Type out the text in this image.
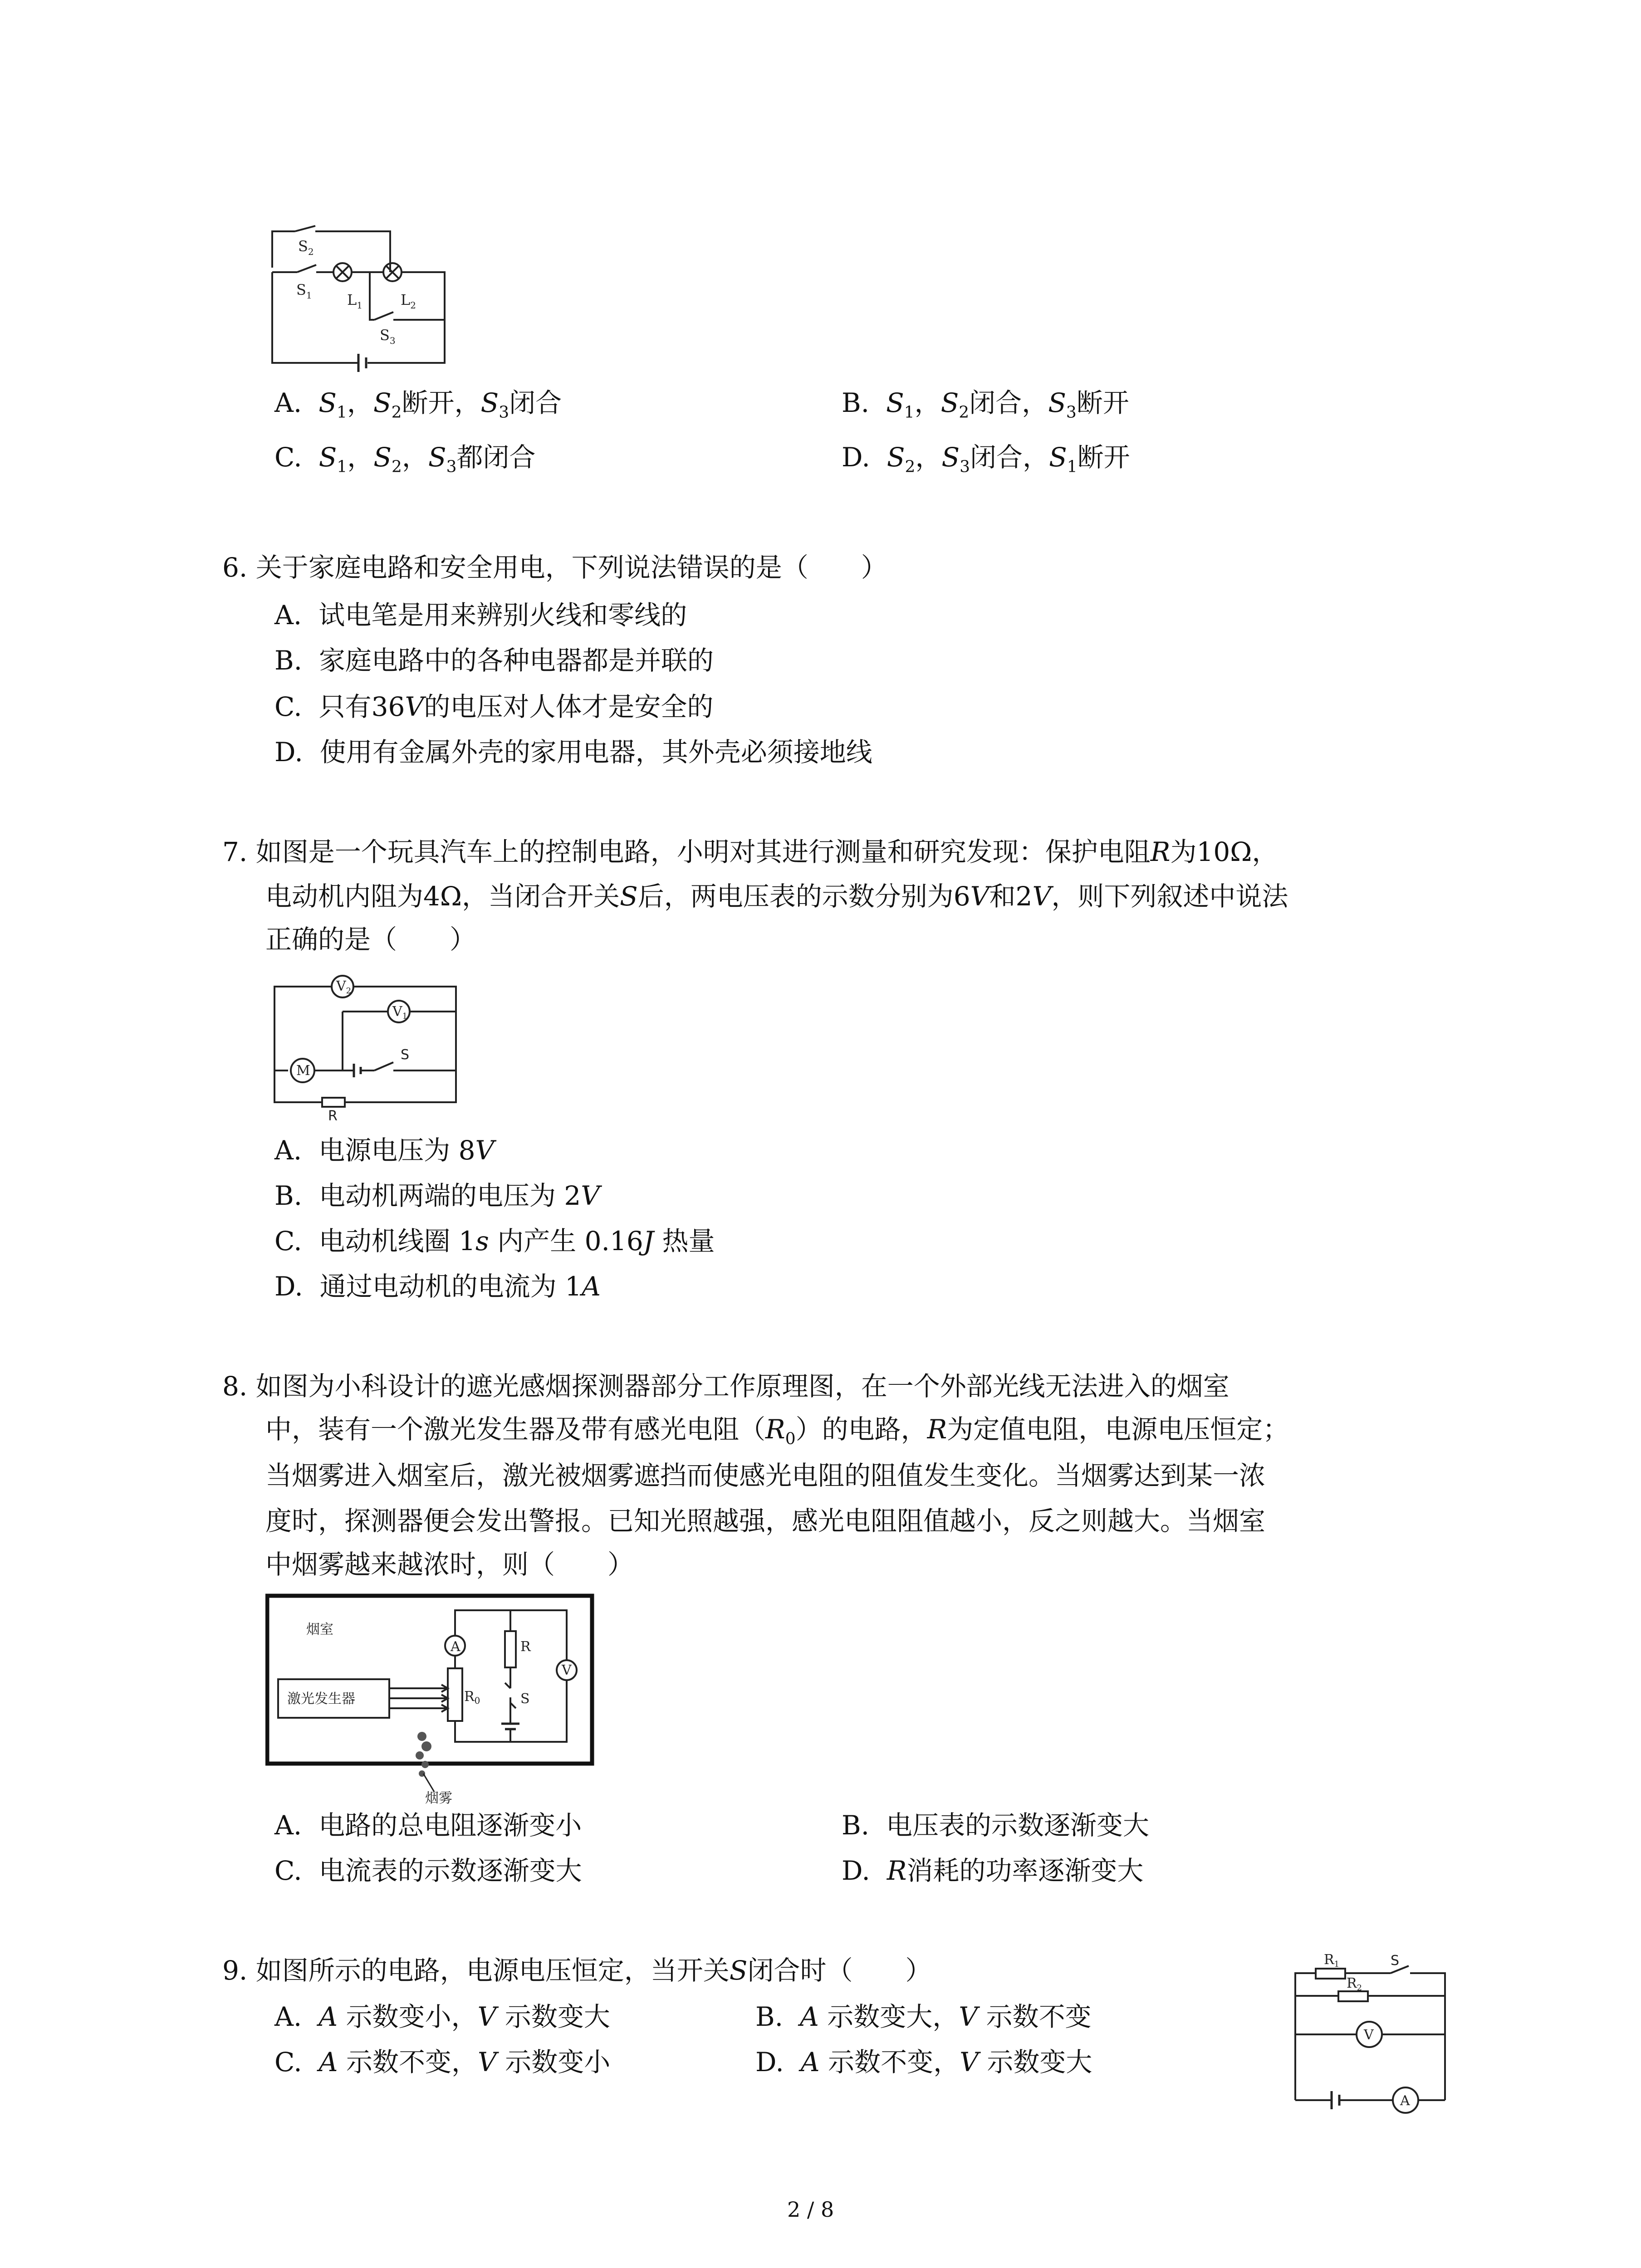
$S_2$
$S_1$ $L_1$	$L_2$
$S_3$
A. $S_1$，$S_2$断开，$S_3$闭合	B. $S_1$，$S_2$闭合，$S_3$断开
C. $S_1$，$S_2$，$S_3$都闭合	D. $S_2$，$S_3$闭合，$S_1$断开
6. 关于家庭电路和安全用电，下列说法错误的是（　　）
A. 试电笔是用来辨别火线和零线的
B. 家庭电路中的各种电器都是并联的
C. 只有36V的电压对人体才是安全的
D. 使用有金属外壳的家用电器，其外壳必须接地线
7. 如图是一个玩具汽车上的控制电路，小明对其进行测量和研究发现：保护电阻R为10Ω，
电动机内阻为4Ω，当闭合开关S后，两电压表的示数分别为6V和2V，则下列叙述中说法
正确的是（　　）
$V_2$
$V_1$
M
S
R
A. 电源电压为 8V
B. 电动机两端的电压为 2V
C. 电动机线圈 1s 内产生 0.16J 热量
D. 通过电动机的电流为 1A
8. 如图为小科设计的遮光感烟探测器部分工作原理图，在一个外部光线无法进入的烟室
中，装有一个激光发生器及带有感光电阻$(R_0)$的电路，R为定值电阻，电源电压恒定；
当烟雾进入烟室后，激光被烟雾遮挡而使感光电阻的阻值发生变化。当烟雾达到某一浓
度时，探测器便会发出警报。已知光照越强，感光电阻阻值越小，反之则越大。当烟室
中烟雾越来越浓时，则（　　）
烟室
激光发生器
A	R
S
V
$R_0$
烟雾
A. 电路的总电阻逐渐变小	B. 电压表的示数逐渐变大
C. 电流表的示数逐渐变大	D. R消耗的功率逐渐变大
9. 如图所示的电路，电源电压恒定，当开关S闭合时（　　）
A. A 示数变小，V 示数变大	B. A 示数变大，V 示数不变
C. A 示数不变，V 示数变小	D. A 示数不变，V 示数变大
$R_1$	S
$R_2$
V
A
2 / 8
